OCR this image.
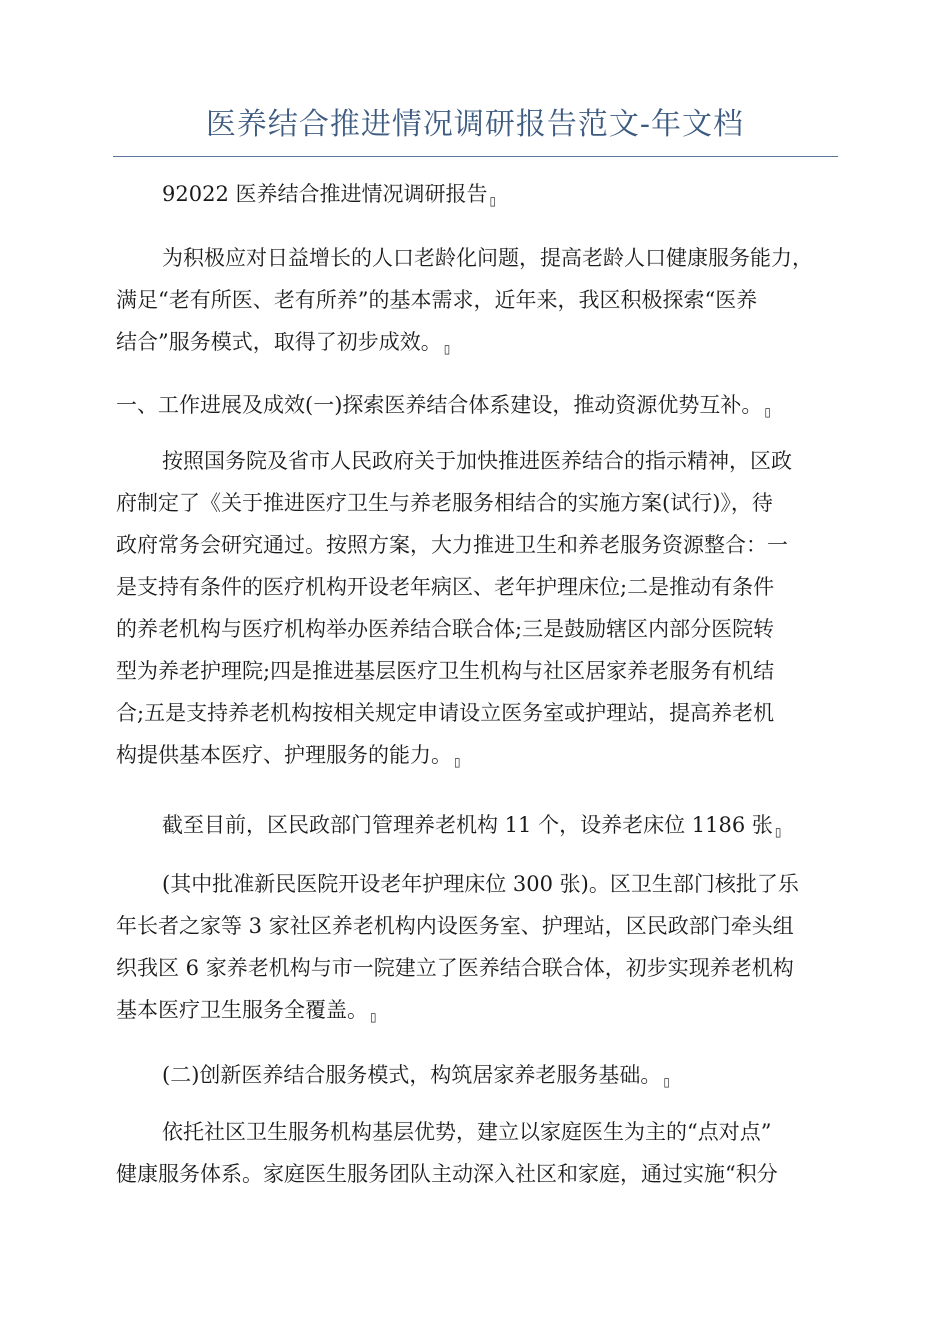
医养结合推进情况调研报告范文-年文档
92022 医养结合推进情况调研报告 ▯
为积极应对日益增长的人口老龄化问题，提高老龄人口健康服务能力，
满足“老有所医、老有所养”的基本需求，近年来，我区积极探索“医养
结合”服务模式，取得了初步成效。 ▯
一、工作进展及成效(一)探索医养结合体系建设，推动资源优势互补。 ▯
按照国务院及省市人民政府关于加快推进医养结合的指示精神，区政
府制定了《关于推进医疗卫生与养老服务相结合的实施方案(试行)》，待
政府常务会研究通过。按照方案，大力推进卫生和养老服务资源整合：一
是支持有条件的医疗机构开设老年病区、老年护理床位;二是推动有条件
的养老机构与医疗机构举办医养结合联合体;三是鼓励辖区内部分医院转
型为养老护理院;四是推进基层医疗卫生机构与社区居家养老服务有机结
合;五是支持养老机构按相关规定申请设立医务室或护理站，提高养老机
构提供基本医疗、护理服务的能力。 ▯
截至目前，区民政部门管理养老机构 11 个，设养老床位 1186 张 ▯
(其中批准新民医院开设老年护理床位 300 张)。区卫生部门核批了乐
年长者之家等 3 家社区养老机构内设医务室、护理站，区民政部门牵头组
织我区 6 家养老机构与市一院建立了医养结合联合体，初步实现养老机构
基本医疗卫生服务全覆盖。 ▯
(二)创新医养结合服务模式，构筑居家养老服务基础。 ▯
依托社区卫生服务机构基层优势，建立以家庭医生为主的“点对点”
健康服务体系。家庭医生服务团队主动深入社区和家庭，通过实施“积分
